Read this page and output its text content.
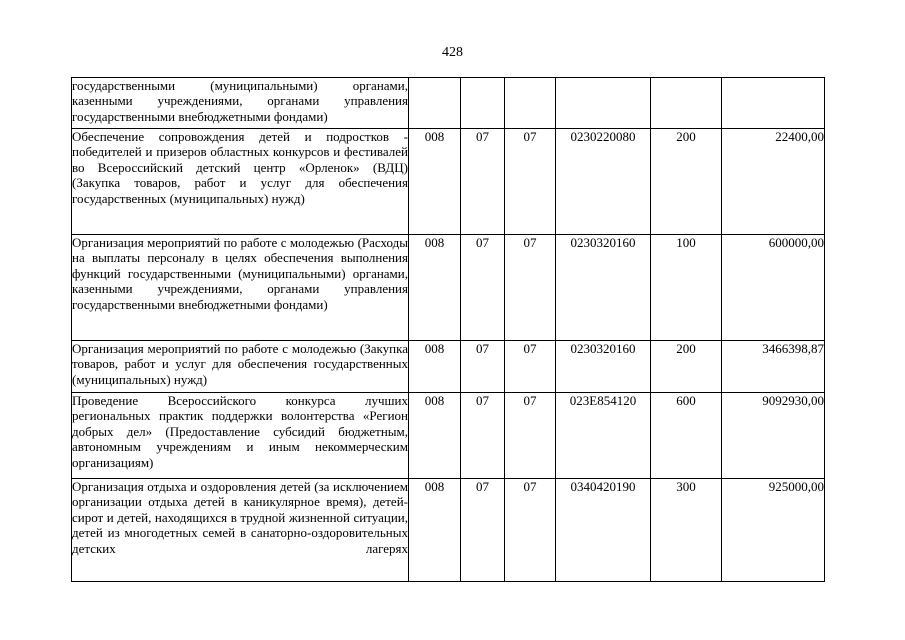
428
государственными (муниципальными) органами, казенными учреждениями, органами управления государственными внебюджетными фондами)						
Обеспечение сопровождения детей и подростков - победителей и призеров областных конкурсов и фестивалей во Всероссийский детский центр «Орленок» (ВДЦ) (Закупка товаров, работ и услуг для обеспечения государственных (муниципальных) нужд)	008	07	07	0230220080	200	22400,00
Организация мероприятий по работе с молодежью (Расходы на выплаты персоналу в целях обеспечения выполнения функций государственными (муниципальными) органами, казенными учреждениями, органами управления государственными внебюджетными фондами)	008	07	07	0230320160	100	600000,00
Организация мероприятий по работе с молодежью (Закупка товаров, работ и услуг для обеспечения государственных (муниципальных) нужд)	008	07	07	0230320160	200	3466398,87
Проведение Всероссийского конкурса лучших региональных практик поддержки волонтерства «Регион добрых дел» (Предоставление субсидий бюджетным, автономным учреждениям и иным некоммерческим организациям)	008	07	07	023E854120	600	9092930,00
Организация отдыха и оздоровления детей (за исключением организации отдыха детей в каникулярное время), детей-сирот и детей, находящихся в трудной жизненной ситуации, детей из многодетных семей в санаторно-оздоровительных детских лагерях	008	07	07	0340420190	300	925000,00
